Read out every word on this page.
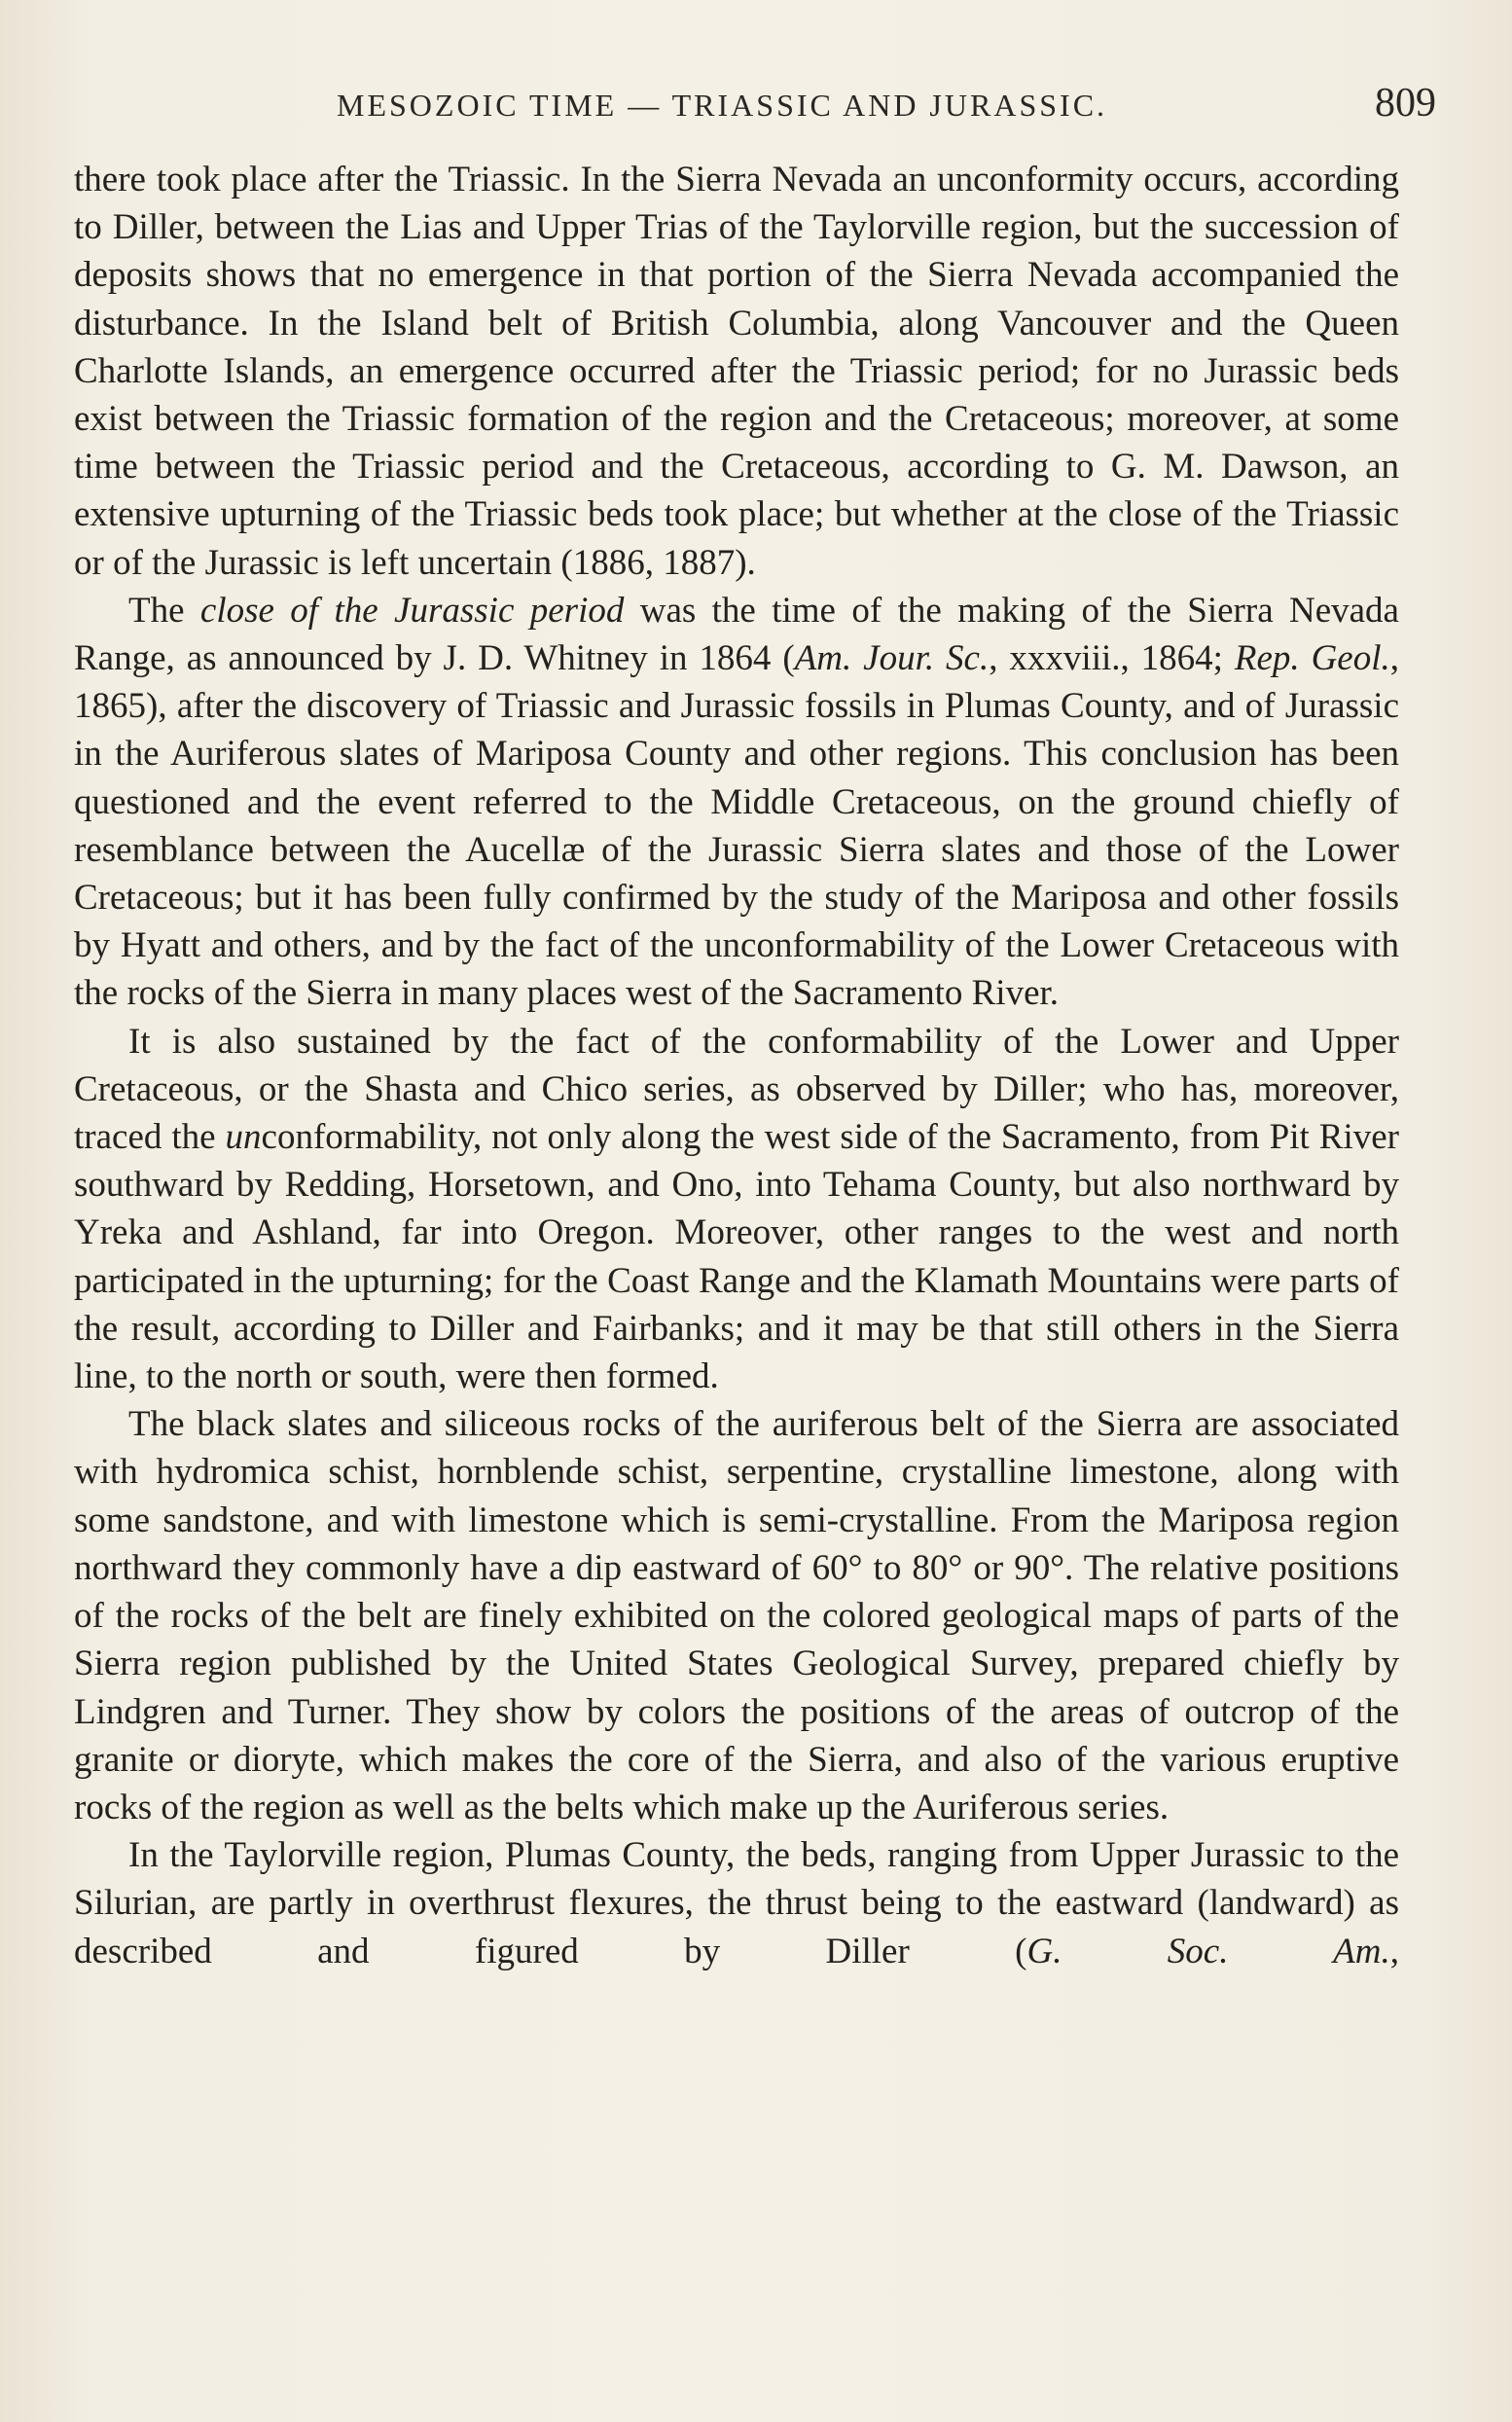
MESOZOIC TIME — TRIASSIC AND JURASSIC.	809

there took place after the Triassic. In the Sierra Nevada an unconformity occurs, according to Diller, between the Lias and Upper Trias of the Taylorville region, but the succession of deposits shows that no emergence in that portion of the Sierra Nevada accompanied the disturbance. In the Island belt of British Columbia, along Vancouver and the Queen Charlotte Islands, an emergence occurred after the Triassic period; for no Jurassic beds exist between the Triassic formation of the region and the Cretaceous; moreover, at some time between the Triassic period and the Cretaceous, according to G. M. Dawson, an extensive upturning of the Triassic beds took place; but whether at the close of the Triassic or of the Jurassic is left uncertain (1886, 1887).

The close of the Jurassic period was the time of the making of the Sierra Nevada Range, as announced by J. D. Whitney in 1864 (Am. Jour. Sc., xxxviii., 1864; Rep. Geol., 1865), after the discovery of Triassic and Jurassic fossils in Plumas County, and of Jurassic in the Auriferous slates of Mariposa County and other regions. This conclusion has been questioned and the event referred to the Middle Cretaceous, on the ground chiefly of resemblance between the Aucellæ of the Jurassic Sierra slates and those of the Lower Cretaceous; but it has been fully confirmed by the study of the Mariposa and other fossils by Hyatt and others, and by the fact of the unconformability of the Lower Cretaceous with the rocks of the Sierra in many places west of the Sacramento River.

It is also sustained by the fact of the conformability of the Lower and Upper Cretaceous, or the Shasta and Chico series, as observed by Diller; who has, moreover, traced the unconformability, not only along the west side of the Sacramento, from Pit River southward by Redding, Horsetown, and Ono, into Tehama County, but also northward by Yreka and Ashland, far into Oregon. Moreover, other ranges to the west and north participated in the upturning; for the Coast Range and the Klamath Mountains were parts of the result, according to Diller and Fairbanks; and it may be that still others in the Sierra line, to the north or south, were then formed.

The black slates and siliceous rocks of the auriferous belt of the Sierra are associated with hydromica schist, hornblende schist, serpentine, crystalline limestone, along with some sandstone, and with limestone which is semi-crystalline. From the Mariposa region northward they commonly have a dip eastward of 60° to 80° or 90°. The relative positions of the rocks of the belt are finely exhibited on the colored geological maps of parts of the Sierra region published by the United States Geological Survey, prepared chiefly by Lindgren and Turner. They show by colors the positions of the areas of outcrop of the granite or dioryte, which makes the core of the Sierra, and also of the various eruptive rocks of the region as well as the belts which make up the Auriferous series.

In the Taylorville region, Plumas County, the beds, ranging from Upper Jurassic to the Silurian, are partly in overthrust flexures, the thrust being to the eastward (landward) as described and figured by Diller (G. Soc. Am.,
